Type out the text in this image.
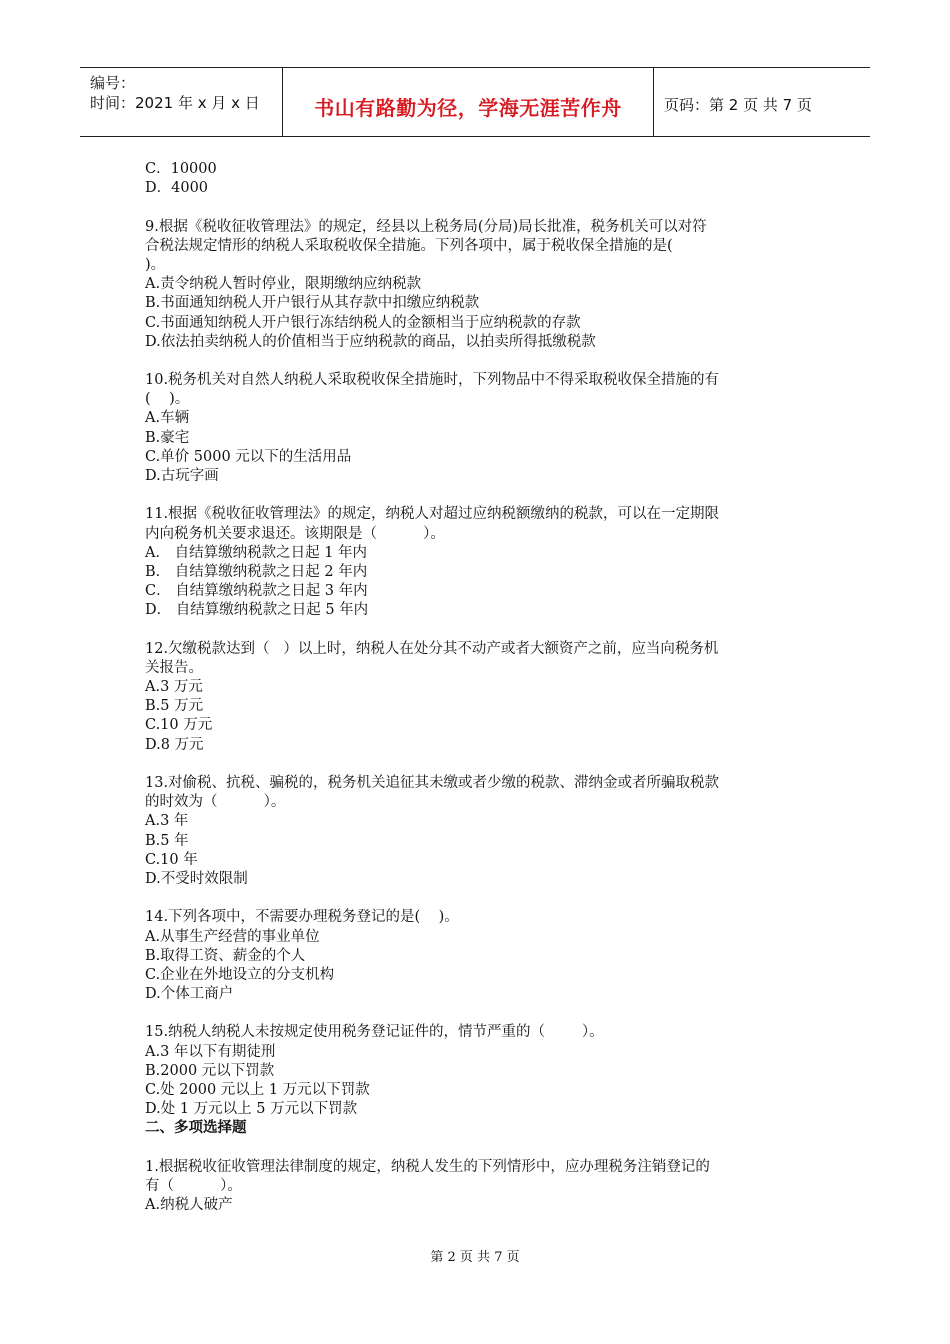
编号：
时间：2021 年 x 月 x 日	书山有路勤为径，学海无涯苦作舟	页码：第 2 页 共 7 页
C．10000
D．4000
9.根据《税收征收管理法》的规定，经县以上税务局(分局)局长批准，税务机关可以对符
合税法规定情形的纳税人采取税收保全措施。下列各项中，属于税收保全措施的是(
)。
A.责令纳税人暂时停业，限期缴纳应纳税款
B.书面通知纳税人开户银行从其存款中扣缴应纳税款
C.书面通知纳税人开户银行冻结纳税人的金额相当于应纳税款的存款
D.依法拍卖纳税人的价值相当于应纳税款的商品，以拍卖所得抵缴税款
10.税务机关对自然人纳税人采取税收保全措施时，下列物品中不得采取税收保全措施的有
(    )。
A.车辆
B.豪宅
C.单价 5000 元以下的生活用品
D.古玩字画
11.根据《税收征收管理法》的规定，纳税人对超过应纳税额缴纳的税款，可以在一定期限
内向税务机关要求退还。该期限是（          ）。
A． 自结算缴纳税款之日起 1 年内
B． 自结算缴纳税款之日起 2 年内
C． 自结算缴纳税款之日起 3 年内
D． 自结算缴纳税款之日起 5 年内
12.欠缴税款达到（   ）以上时，纳税人在处分其不动产或者大额资产之前，应当向税务机
关报告。
A.3 万元
B.5 万元
C.10 万元
D.8 万元
13.对偷税、抗税、骗税的，税务机关追征其未缴或者少缴的税款、滞纳金或者所骗取税款
的时效为（          ）。
A.3 年
B.5 年
C.10 年
D.不受时效限制
14.下列各项中，不需要办理税务登记的是(    )。
A.从事生产经营的事业单位
B.取得工资、薪金的个人
C.企业在外地设立的分支机构
D.个体工商户
15.纳税人纳税人未按规定使用税务登记证件的，情节严重的（        ）。
A.3 年以下有期徒刑
B.2000 元以下罚款
C.处 2000 元以上 1 万元以下罚款
D.处 1 万元以上 5 万元以下罚款
二、多项选择题
1.根据税收征收管理法律制度的规定，纳税人发生的下列情形中，应办理税务注销登记的
有（          ）。
A.纳税人破产
第 2 页 共 7 页
